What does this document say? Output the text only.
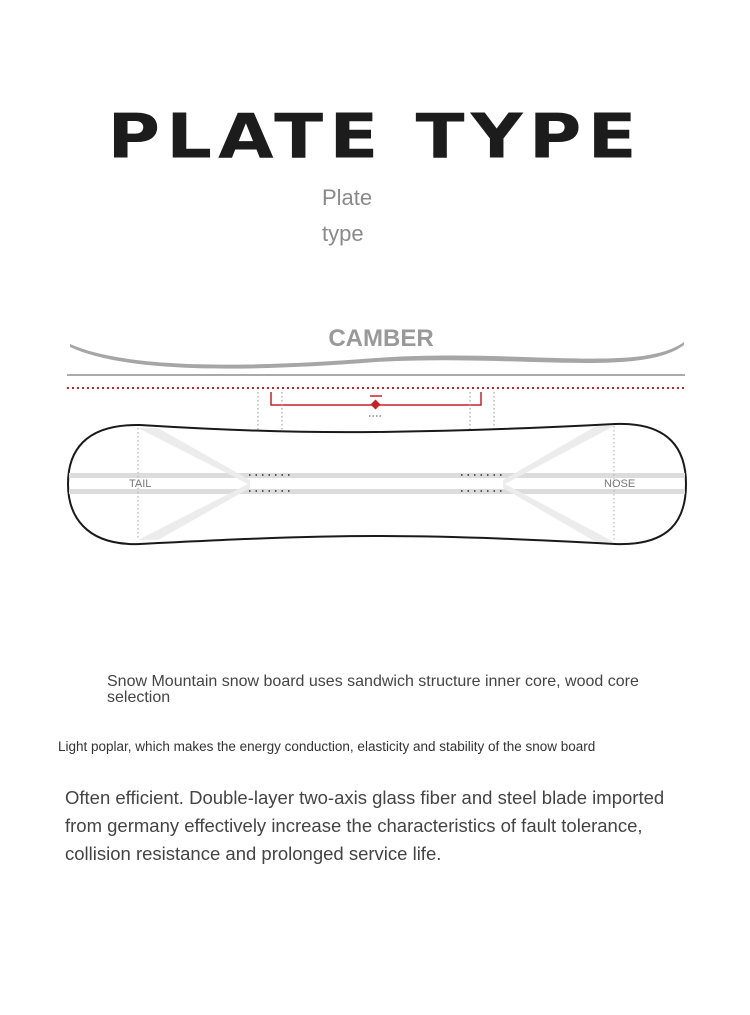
PLATE TYPE
Plate
type
CAMBER
TAIL	NOSE
Snow Mountain snow board uses sandwich structure inner core, wood core selection
Light poplar, which makes the energy conduction, elasticity and stability of the snow board
Often efficient. Double-layer two-axis glass fiber and steel blade imported from germany effectively increase the characteristics of fault tolerance, collision resistance and prolonged service life.
